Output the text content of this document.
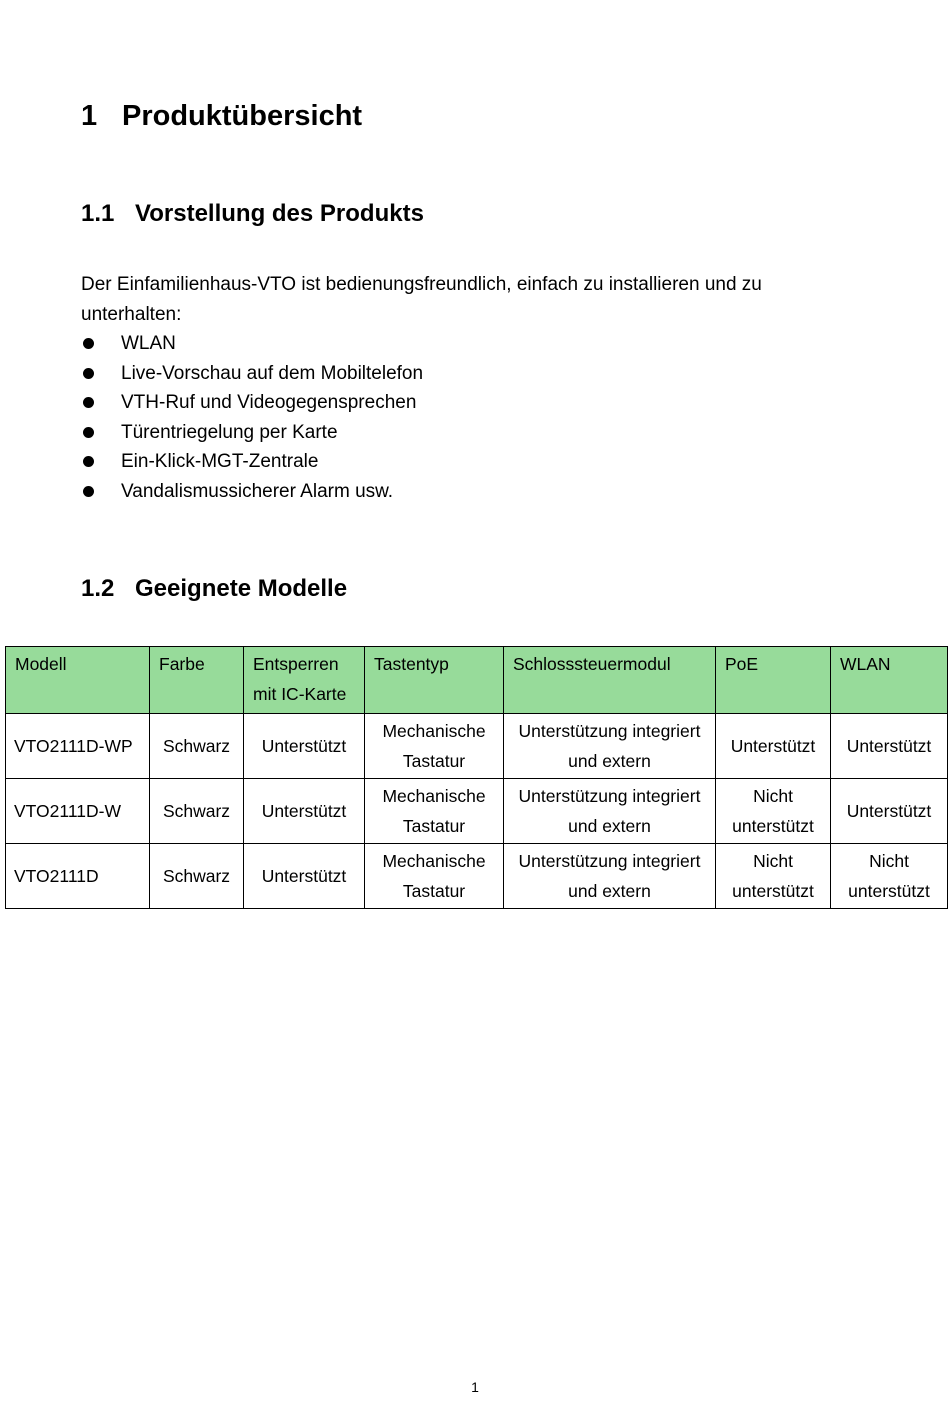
1 Produktübersicht
1.1 Vorstellung des Produkts

Der Einfamilienhaus-VTO ist bedienungsfreundlich, einfach zu installieren und zu unterhalten:

WLAN
Live-Vorschau auf dem Mobiltelefon
VTH-Ruf und Videogegensprechen
Türentriegelung per Karte
Ein-Klick-MGT-Zentrale
Vandalismussicherer Alarm usw.
1.2 Geeignete Modelle
Modell	Farbe	Entsperren mit IC-Karte	Tastentyp	Schlosssteuermodul	PoE	WLAN
VTO2111D-WP	Schwarz	Unterstützt	Mechanische Tastatur	Unterstützung integriert und extern	Unterstützt	Unterstützt
VTO2111D-W	Schwarz	Unterstützt	Mechanische Tastatur	Unterstützung integriert und extern	Nicht unterstützt	Unterstützt
VTO2111D	Schwarz	Unterstützt	Mechanische Tastatur	Unterstützung integriert und extern	Nicht unterstützt	Nicht unterstützt
1
